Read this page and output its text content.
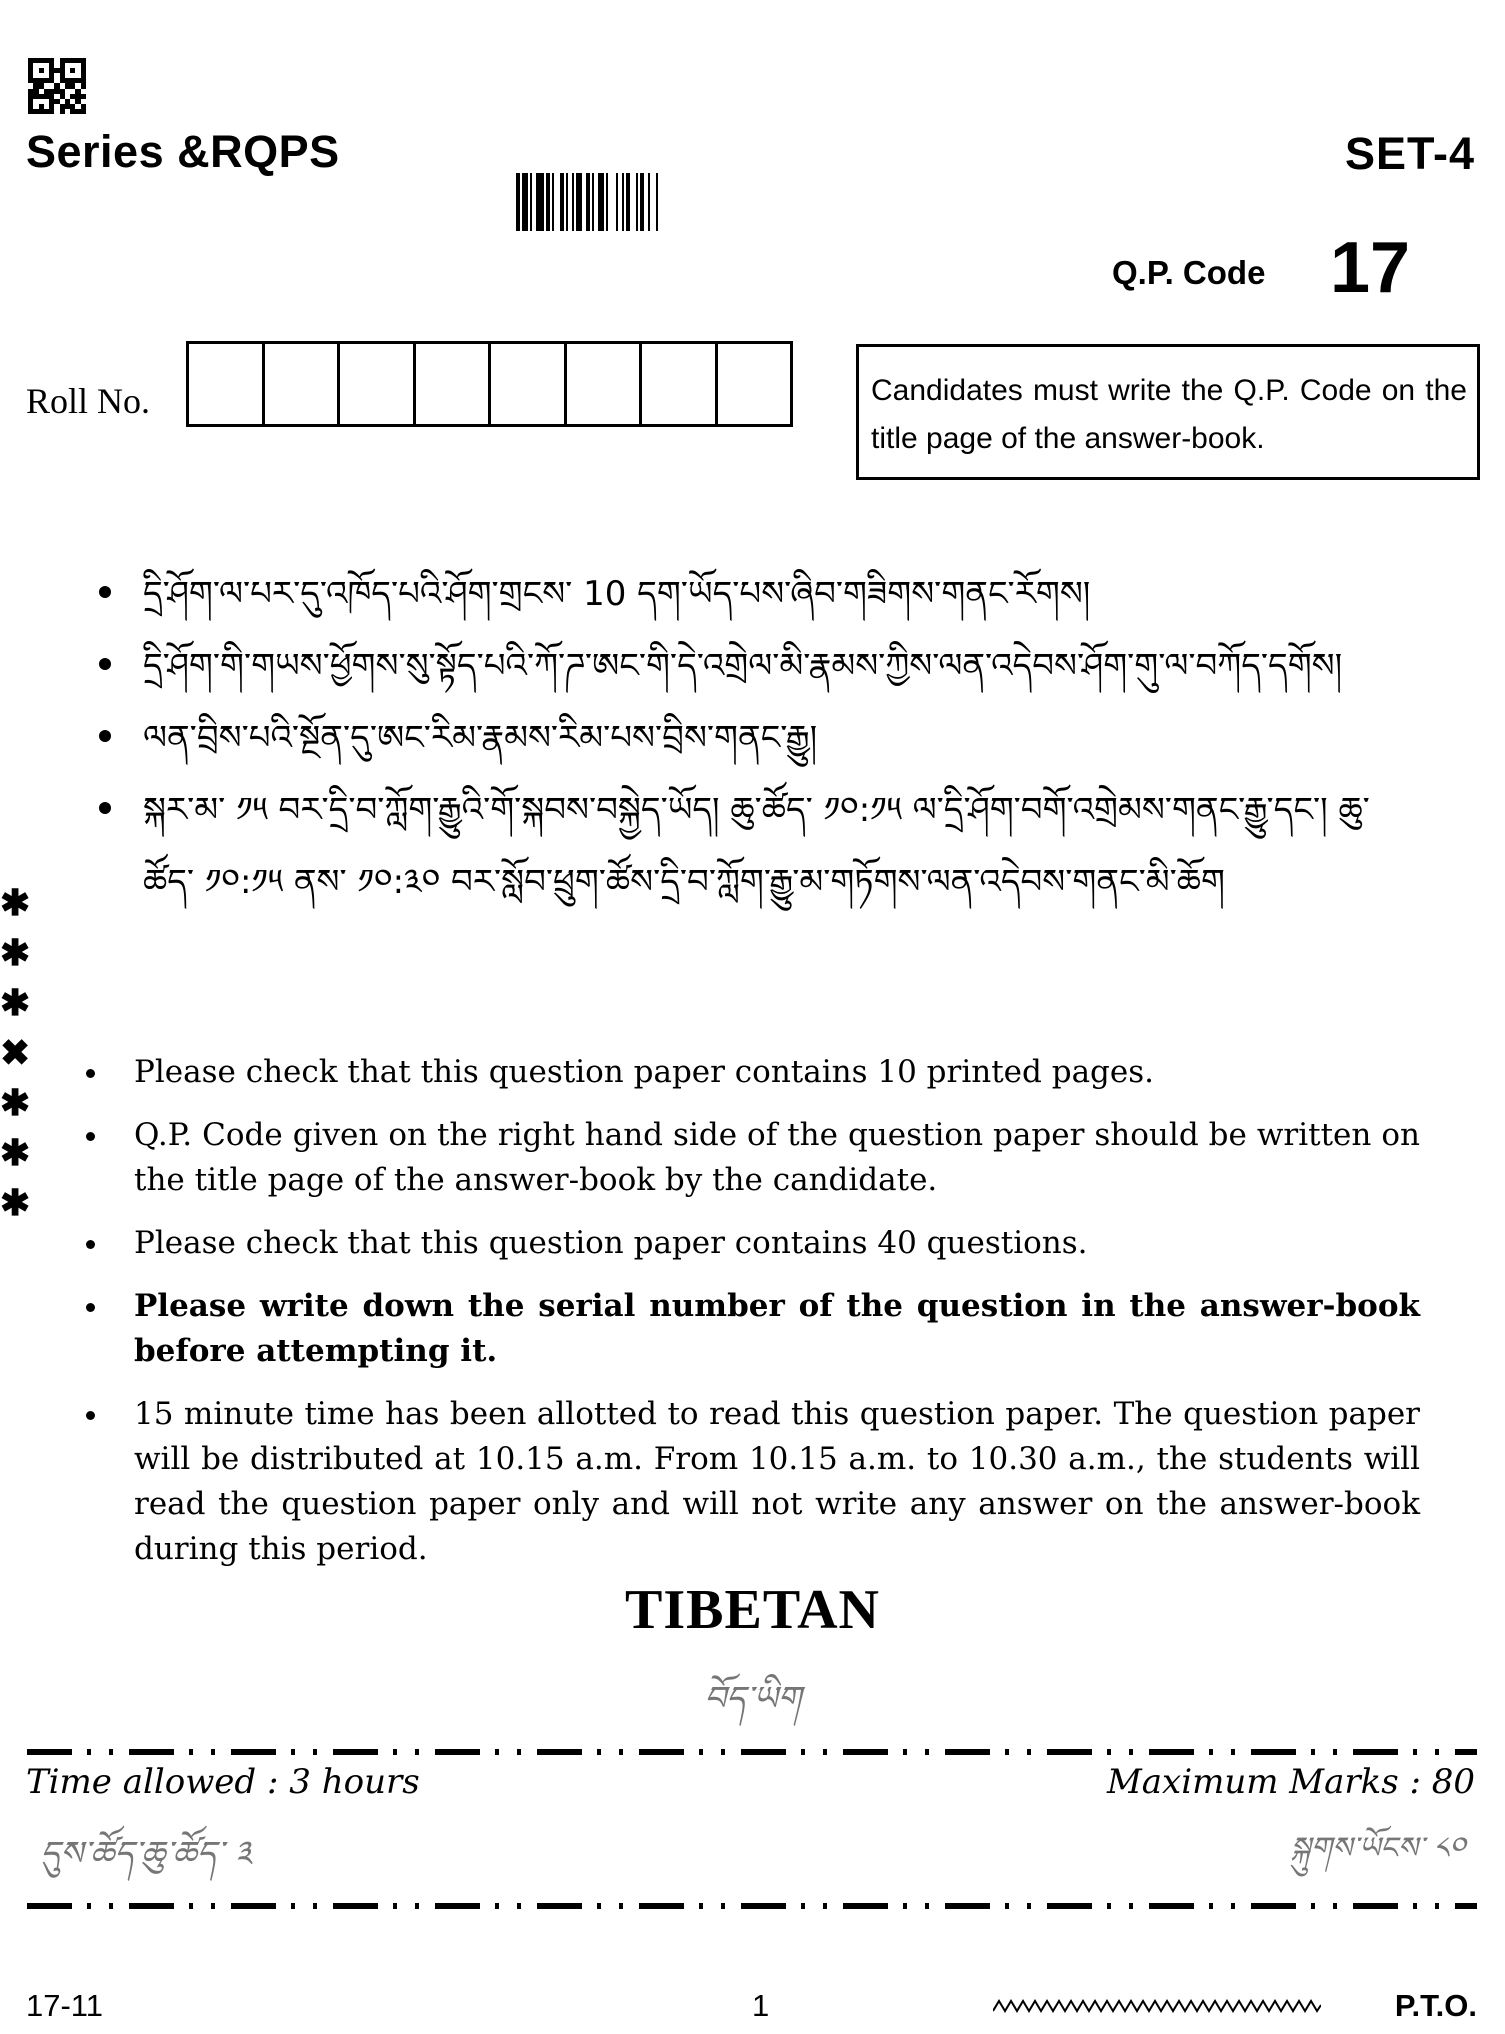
Series &RQPS	SET-4
Q.P. Code 17
Roll No.	Candidates must write the Q.P. Code on the title page of the answer-book.
དྲི་ཤོག་ལ་པར་དུ་འཁོད་པའི་ཤོག་གྲངས་ 10 དག་ཡོད་པས་ཞིབ་གཟིགས་གནང་རོགས།
དྲི་ཤོག་གི་གཡས་ཕྱོགས་སུ་སྟོད་པའི་ཀོ་ཌ་ཨང་གི་དེ་འགྲེལ་མི་རྣམས་ཀྱིས་ལན་འདེབས་ཤོག་གུ་ལ་བཀོད་དགོས།
ལན་བྲིས་པའི་སྔོན་དུ་ཨང་རིམ་རྣམས་རིམ་པས་བྲིས་གནང་རྒྱུ།
སྐར་མ་ ༡༥ བར་དྲི་བ་ཀློག་རྒྱུའི་གོ་སྐབས་བསྐྱེད་ཡོད། ཆུ་ཚོད་ ༡༠:༡༥ ལ་དྲི་ཤོག་བགོ་འགྲེམས་གནང་རྒྱུ་དང་། ཆུ་ཚོད་ ༡༠:༡༥ ནས་ ༡༠:༣༠ བར་སློབ་ཕྲུག་ཚོས་དྲི་བ་ཀློག་རྒྱུ་མ་གཏོགས་ལན་འདེབས་གནང་མི་ཆོག
✱
✱
✱
✖
✱
✱
✱
Please check that this question paper contains 10 printed pages.
Q.P. Code given on the right hand side of the question paper should be written on the title page of the answer-book by the candidate.
Please check that this question paper contains 40 questions.
Please write down the serial number of the question in the answer-book before attempting it.
15 minute time has been allotted to read this question paper. The question paper will be distributed at 10.15 a.m. From 10.15 a.m. to 10.30 a.m., the students will read the question paper only and will not write any answer on the answer-book during this period.
TIBETAN
བོད་ཡིག
Time allowed : 3 hours	Maximum Marks : 80
དུས་ཚོད་ཆུ་ཚོད་ ༣	སྐུགས་ཡོངས་ ༨༠
17-11	1	P.T.O.
